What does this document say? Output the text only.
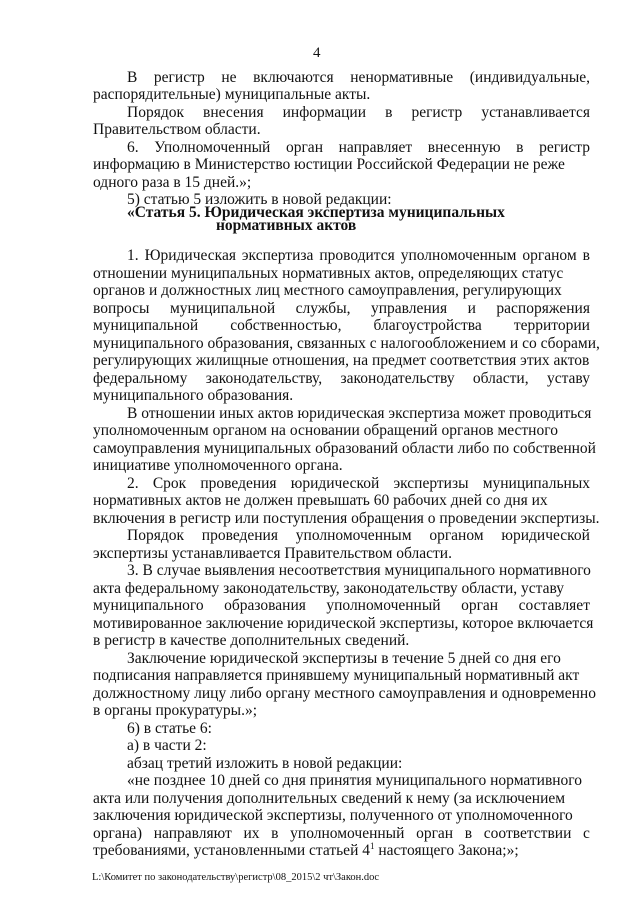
4
В регистр не включаются ненормативные (индивидуальные,
распорядительные) муниципальные акты.
Порядок внесения информации в регистр устанавливается
Правительством области.
6. Уполномоченный орган направляет внесенную в регистр
информацию в Министерство юстиции Российской Федерации не реже
одного раза в 15 дней.»;
5) статью 5 изложить в новой редакции:
«Статья 5. Юридическая экспертиза муниципальных
нормативных актов
1. Юридическая экспертиза проводится уполномоченным органом в
отношении муниципальных нормативных актов, определяющих статус
органов и должностных лиц местного самоуправления, регулирующих
вопросы муниципальной службы, управления и распоряжения
муниципальной собственностью, благоустройства территории
муниципального образования, связанных с налогообложением и со сборами,
регулирующих жилищные отношения, на предмет соответствия этих актов
федеральному законодательству, законодательству области, уставу
муниципального образования.
В отношении иных актов юридическая экспертиза может проводиться
уполномоченным органом на основании обращений органов местного
самоуправления муниципальных образований области либо по собственной
инициативе уполномоченного органа.
2. Срок проведения юридической экспертизы муниципальных
нормативных актов не должен превышать 60 рабочих дней со дня их
включения в регистр или поступления обращения о проведении экспертизы.
Порядок проведения уполномоченным органом юридической
экспертизы устанавливается Правительством области.
3. В случае выявления несоответствия муниципального нормативного
акта федеральному законодательству, законодательству области, уставу
муниципального образования уполномоченный орган составляет
мотивированное заключение юридической экспертизы, которое включается
в регистр в качестве дополнительных сведений.
Заключение юридической экспертизы в течение 5 дней со дня его
подписания направляется принявшему муниципальный нормативный акт
должностному лицу либо органу местного самоуправления и одновременно
в органы прокуратуры.»;
6) в статье 6:
а) в части 2:
абзац третий изложить в новой редакции:
«не позднее 10 дней со дня принятия муниципального нормативного
акта или получения дополнительных сведений к нему (за исключением
заключения юридической экспертизы, полученного от уполномоченного
органа) направляют их в уполномоченный орган в соответствии с
требованиями, установленными статьей $4^1$ настоящего Закона;»;
L:\Комитет по законодательству\регистр\08_2015\2 чт\Закон.doc
